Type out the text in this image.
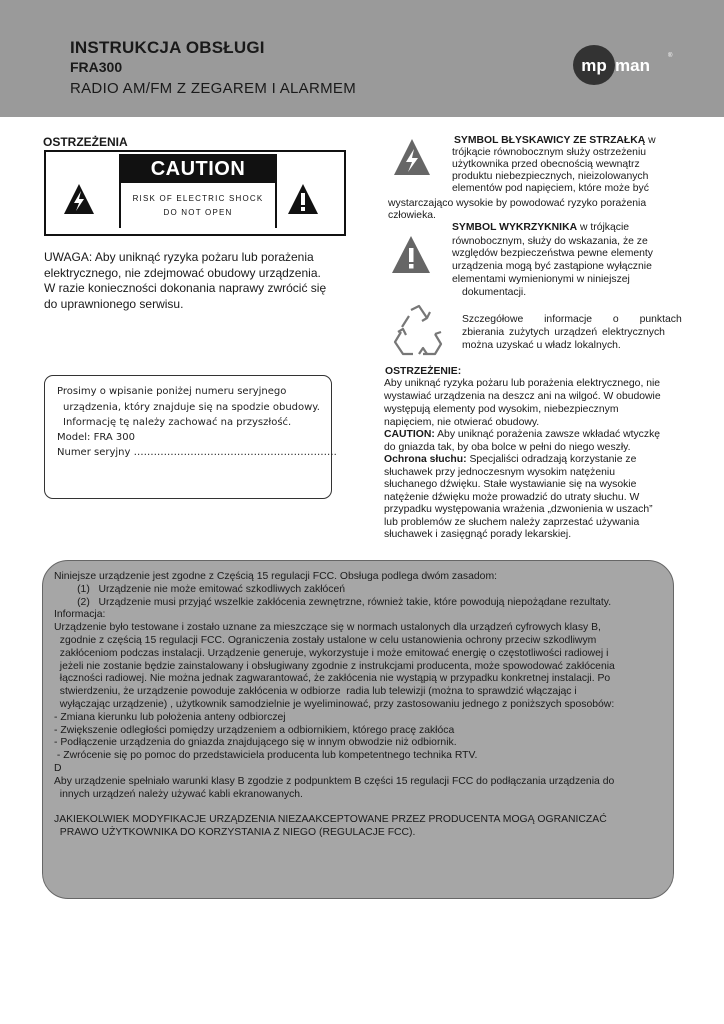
INSTRUKCJA OBSŁUGI
FRA300
RADIO AM/FM Z ZEGAREM I ALARMEM
mp man	®
OSTRZEŻENIA
CAUTION
RISK OF ELECTRIC SHOCK
DO NOT OPEN
UWAGA: Aby uniknąć ryzyka pożaru lub porażenia
elektrycznego, nie zdejmować obudowy urządzenia.
W razie konieczności dokonania naprawy zwrócić się
do uprawnionego serwisu.
Prosimy o wpisanie poniżej numeru seryjnego
urządzenia, który znajduje się na spodzie obudowy.
Informację tę należy zachować na przyszłość.
Model: FRA 300
Numer seryjny …………………………………………………….
SYMBOL BŁYSKAWICY ZE STRZAŁKĄ w
trójkącie równobocznym służy ostrzeżeniu
użytkownika przed obecnością wewnątrz
produktu niebezpiecznych, nieizolowanych
elementów pod napięciem, które może być
wystarczająco wysokie by powodować ryzyko porażenia
człowieka.
SYMBOL WYKRZYKNIKA w trójkącie
równobocznym, służy do wskazania, że ze
względów bezpieczeństwa pewne elementy
urządzenia mogą być zastąpione wyłącznie
elementami wymienionymi w niniejszej
dokumentacji.
Szczegółowe informacje o punktach
zbierania zużytych urządzeń elektrycznych
można uzyskać u władz lokalnych.
OSTRZEŻENIE:
Aby uniknąć ryzyka pożaru lub porażenia elektrycznego, nie
wystawiać urządzenia na deszcz ani na wilgoć. W obudowie
występują elementy pod wysokim, niebezpiecznym
napięciem, nie otwierać obudowy.
CAUTION: Aby uniknąć porażenia zawsze wkładać wtyczkę
do gniazda tak, by oba bolce w pełni do niego weszły.
Ochrona słuchu: Specjaliści odradzają korzystanie ze
słuchawek przy jednoczesnym wysokim natężeniu
słuchanego dźwięku. Stałe wystawianie się na wysokie
natężenie dźwięku może prowadzić do utraty słuchu. W
przypadku występowania wrażenia „dzwonienia w uszach”
lub problemów ze słuchem należy zaprzestać używania
słuchawek i zasięgnąć porady lekarskiej.
Niniejsze urządzenie jest zgodne z Częścią 15 regulacji FCC. Obsługa podlega dwóm zasadom:
(1)   Urządzenie nie może emitować szkodliwych zakłóceń
(2)   Urządzenie musi przyjąć wszelkie zakłócenia zewnętrzne, również takie, które powodują niepożądane rezultaty.
Informacja:
Urządzenie było testowane i zostało uznane za mieszczące się w normach ustalonych dla urządzeń cyfrowych klasy B,
zgodnie z częścią 15 regulacji FCC. Ograniczenia zostały ustalone w celu ustanowienia ochrony przeciw szkodliwym
zakłóceniom podczas instalacji. Urządzenie generuje, wykorzystuje i może emitować energię o częstotliwości radiowej i
jeżeli nie zostanie będzie zainstalowany i obsługiwany zgodnie z instrukcjami producenta, może spowodować zakłócenia
łączności radiowej. Nie można jednak zagwarantować, że zakłócenia nie wystąpią w przypadku konkretnej instalacji. Po
stwierdzeniu, że urządzenie powoduje zakłócenia w odbiorze  radia lub telewizji (można to sprawdzić włączając i
wyłączając urządzenie) , użytkownik samodzielnie je wyeliminować, przy zastosowaniu jednego z poniższych sposobów:
- Zmiana kierunku lub położenia anteny odbiorczej
- Zwiększenie odległości pomiędzy urządzeniem a odbiornikiem, którego pracę zakłóca
- Podłączenie urządzenia do gniazda znajdującego się w innym obwodzie niż odbiornik.
- Zwrócenie się po pomoc do przedstawiciela producenta lub kompetentnego technika RTV.
D
Aby urządzenie spełniało warunki klasy B zgodzie z podpunktem B części 15 regulacji FCC do podłączania urządzenia do
innych urządzeń należy używać kabli ekranowanych.
JAKIEKOLWIEK MODYFIKACJE URZĄDZENIA NIEZAAKCEPTOWANE PRZEZ PRODUCENTA MOGĄ OGRANICZAĆ
PRAWO UŻYTKOWNIKA DO KORZYSTANIA Z NIEGO (REGULACJE FCC).
